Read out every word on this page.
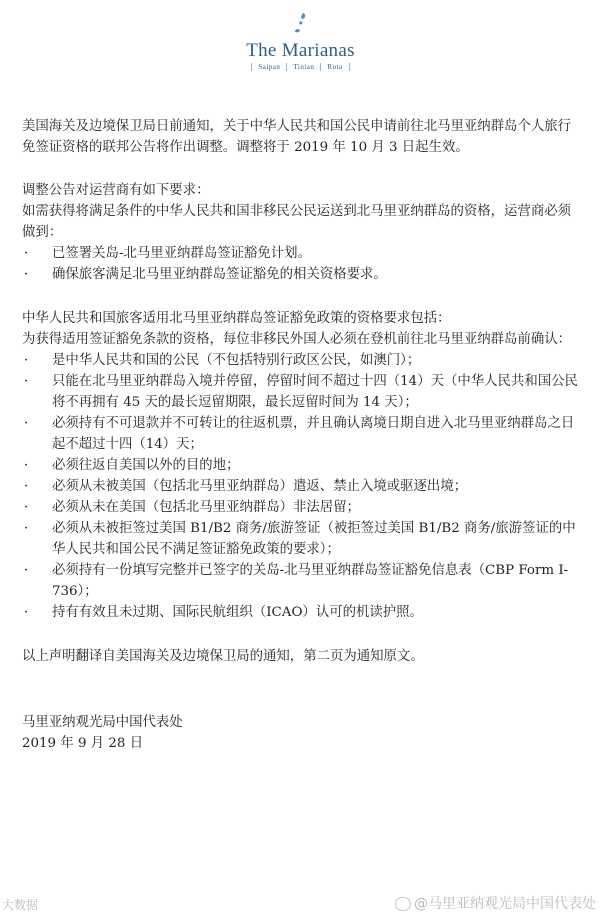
The Marianas
Saipan Tinian Rota

美国海关及边境保卫局日前通知，关于中华人民共和国公民申请前往北马里亚纳群岛个人旅行免签证资格的联邦公告将作出调整。调整将于 2019 年 10 月 3 日起生效。

调整公告对运营商有如下要求：

如需获得将满足条件的中华人民共和国非移民公民运送到北马里亚纳群岛的资格，运营商必须做到：

· 已签署关岛-北马里亚纳群岛签证豁免计划。
· 确保旅客满足北马里亚纳群岛签证豁免的相关资格要求。

中华人民共和国旅客适用北马里亚纳群岛签证豁免政策的资格要求包括：

为获得适用签证豁免条款的资格，每位非移民外国人必须在登机前往北马里亚纳群岛前确认：

· 是中华人民共和国的公民（不包括特别行政区公民，如澳门）；
· 只能在北马里亚纳群岛入境并停留，停留时间不超过十四（14）天（中华人民共和国公民将不再拥有 45 天的最长逗留期限，最长逗留时间为 14 天）；
· 必须持有不可退款并不可转让的往返机票，并且确认离境日期自进入北马里亚纳群岛之日起不超过十四（14）天；
· 必须往返自美国以外的目的地；
· 必须从未被美国（包括北马里亚纳群岛）遣返、禁止入境或驱逐出境；
· 必须从未在美国（包括北马里亚纳群岛）非法居留；
· 必须从未被拒签过美国 B1/B2 商务/旅游签证（被拒签过美国 B1/B2 商务/旅游签证的中华人民共和国公民不满足签证豁免政策的要求）；
· 必须持有一份填写完整并已签字的关岛-北马里亚纳群岛签证豁免信息表（CBP Form I-736）；
· 持有有效且未过期、国际民航组织（ICAO）认可的机读护照。

以上声明翻译自美国海关及边境保卫局的通知，第二页为通知原文。

马里亚纳观光局中国代表处

2019 年 9 月 28 日

大数据	@马里亚纳观光局中国代表处
